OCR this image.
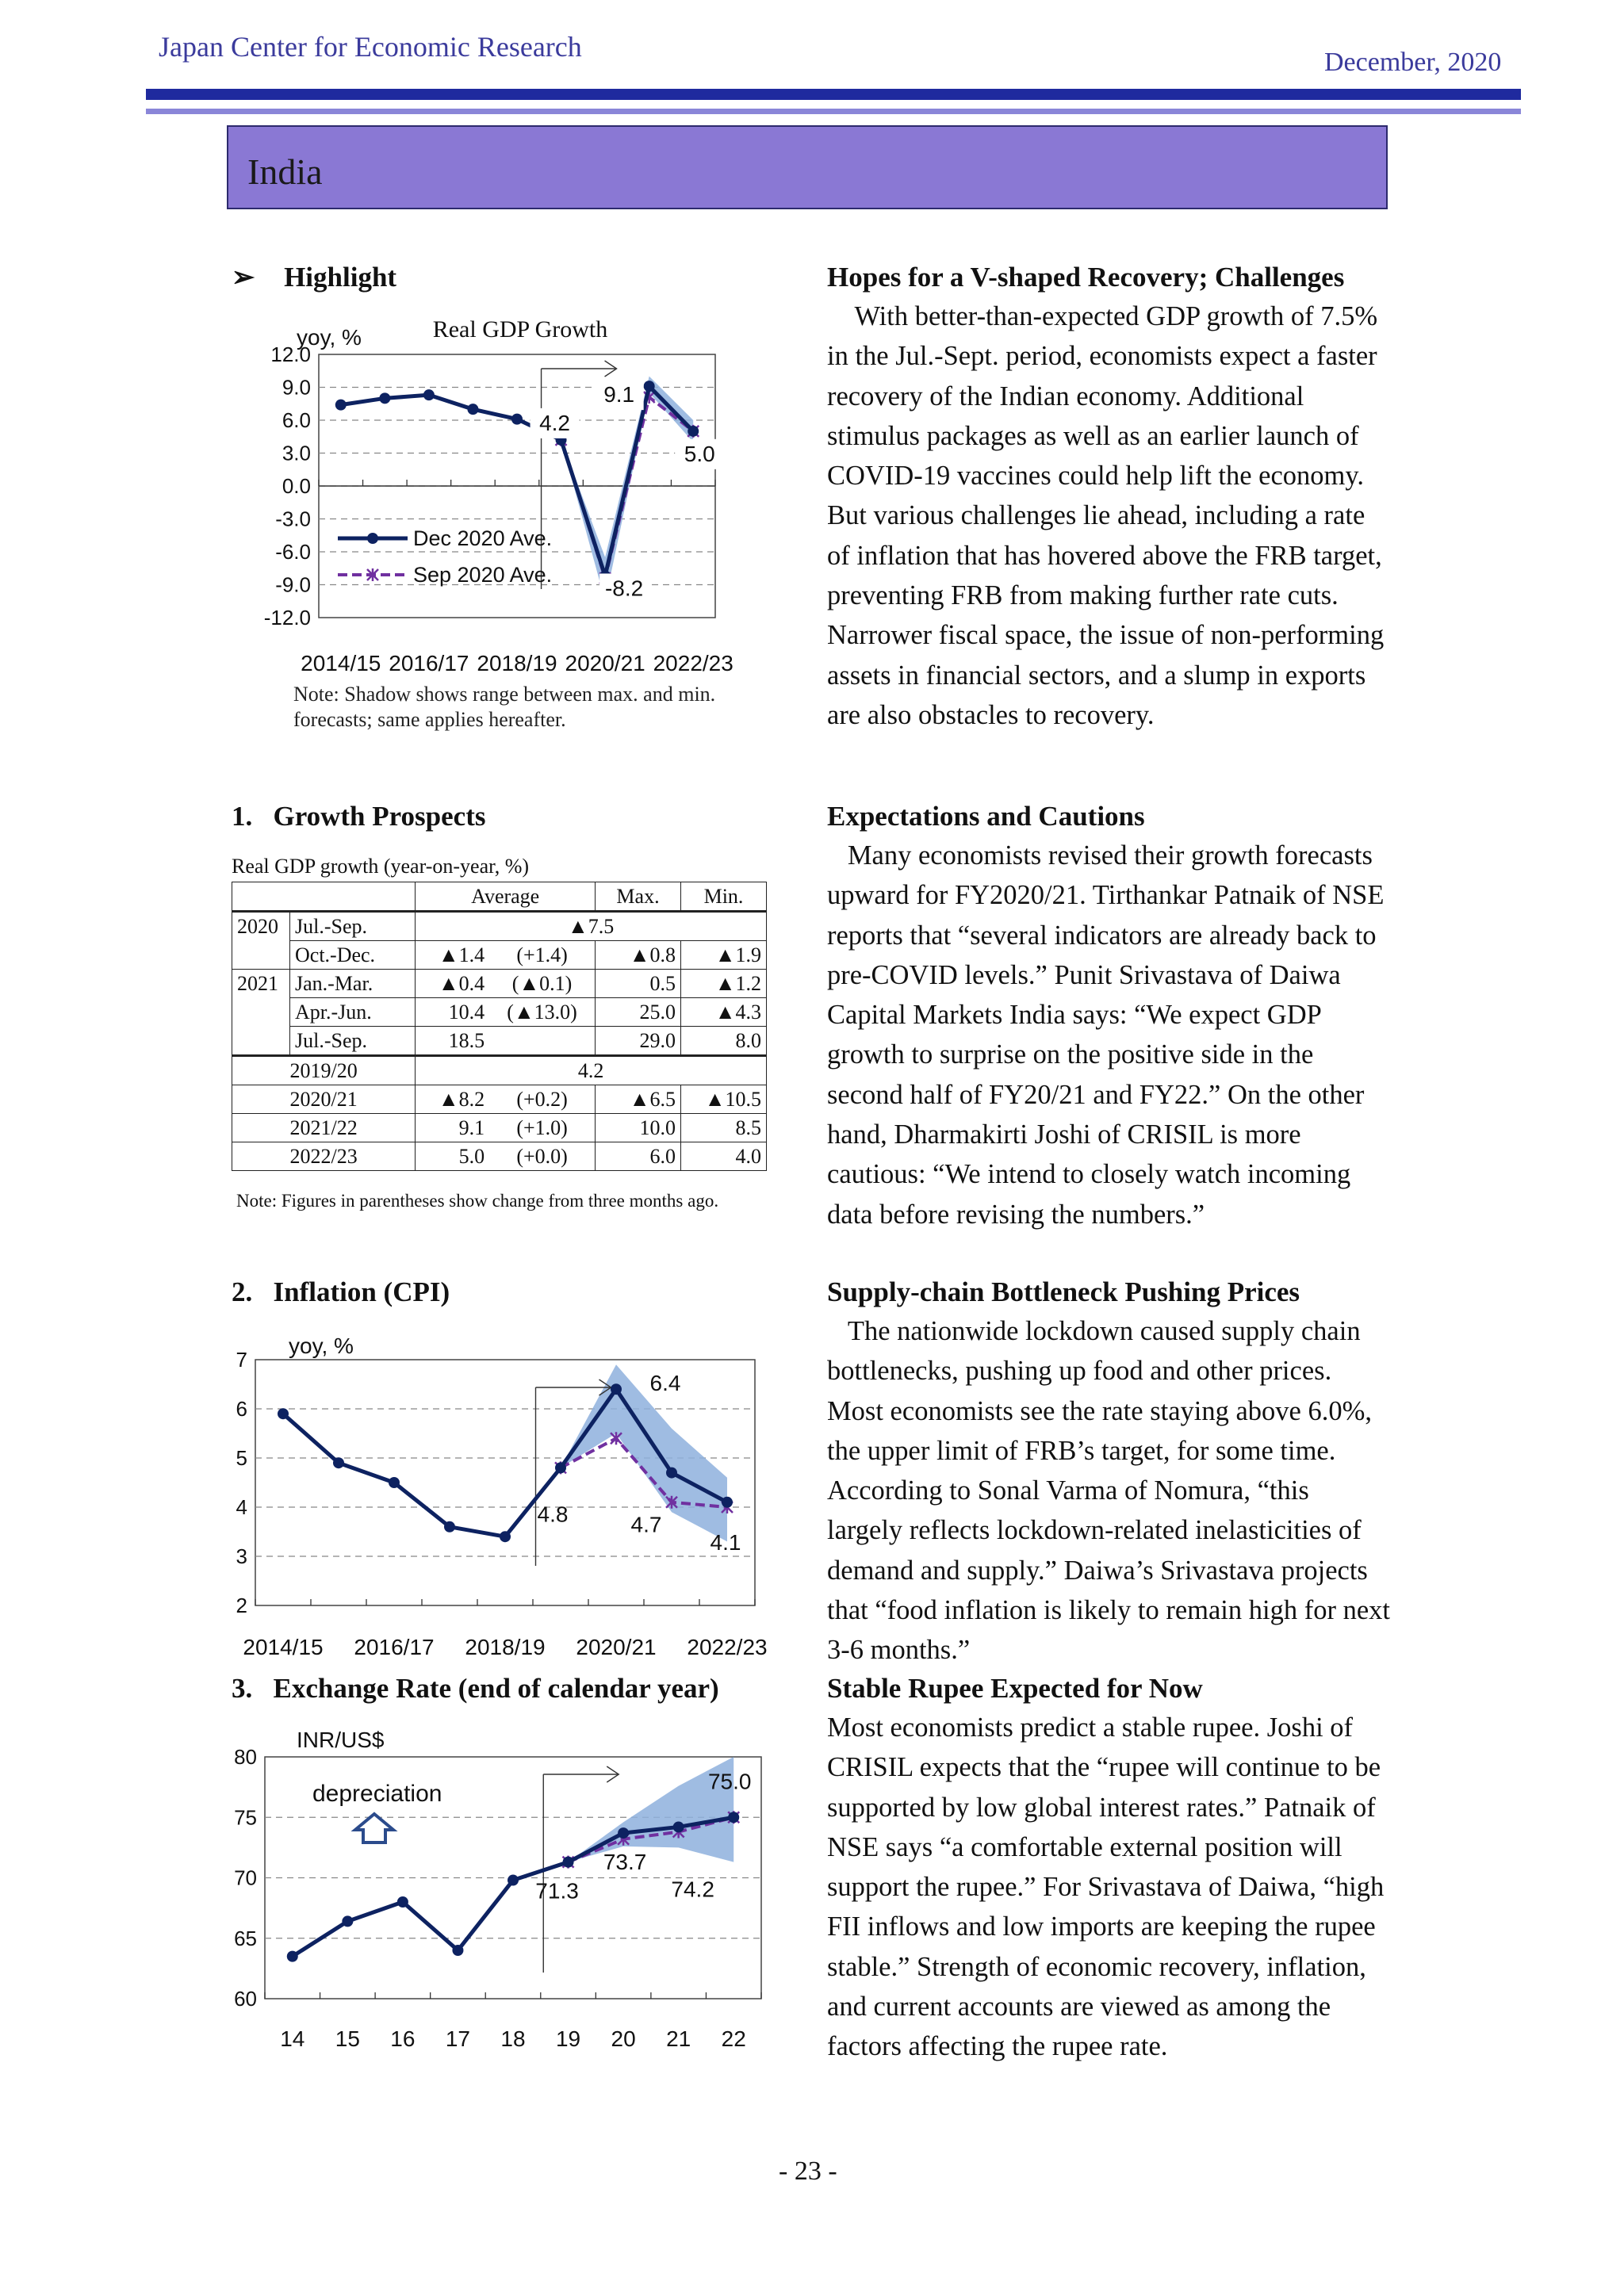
Japan Center for Economic Research	December, 2020
India
➢ Highlight
12.0
9.0
6.0
3.0
0.0
-3.0
-6.0
-9.0
-12.0
2014/15 2016/17 2018/19 2020/21 2022/23
yoy, %
4.2
9.1
5.0
-8.2
Real GDP Growth
Dec 2020 Ave.
Sep 2020 Ave.
Note: Shadow shows range between max. and min. forecasts; same applies hereafter.
1.   Growth Prospects
Real GDP growth (year-on-year, %)
		Average		Max.	Min.
2020	Jul.-Sep.	▲7.5			
	Oct.-Dec.	▲1.4	(+1.4)	▲0.8	▲1.9
2021	Jan.-Mar.	▲0.4	(▲0.1)	0.5	▲1.2
	Apr.-Jun.	10.4	(▲13.0)	25.0	▲4.3
	Jul.-Sep.	18.5		29.0	8.0
2019/20		4.2			
2020/21		▲8.2	(+0.2)	▲6.5	▲10.5
2021/22		9.1	(+1.0)	10.0	8.5
2022/23		5.0	(+0.0)	6.0	4.0
Note: Figures in parentheses show change from three months ago.
2.   Inflation (CPI)
7
6
5
4
3
2
2014/15 2016/17 2018/19 2020/21 2022/23
yoy, %
6.4
4.8	4.7
4.1
3.   Exchange Rate (end of calendar year)
80
75
70
65
60
14 15 16 17 18 19 20 21 22
INR/US$
75.0
73.7
71.3	74.2
depreciation
Hopes for a V-shaped Recovery; Challenges
With better-than-expected GDP growth of 7.5% in the Jul.-Sept. period, economists expect a faster recovery of the Indian economy. Additional stimulus packages as well as an earlier launch of COVID-19 vaccines could help lift the economy. But various challenges lie ahead, including a rate of inflation that has hovered above the FRB target, preventing FRB from making further rate cuts. Narrower fiscal space, the issue of non-performing assets in financial sectors, and a slump in exports are also obstacles to recovery.
Expectations and Cautions
Many economists revised their growth forecasts upward for FY2020/21. Tirthankar Patnaik of NSE reports that “several indicators are already back to pre-COVID levels.” Punit Srivastava of Daiwa Capital Markets India says: “We expect GDP growth to surprise on the positive side in the second half of FY20/21 and FY22.” On the other hand, Dharmakirti Joshi of CRISIL is more cautious: “We intend to closely watch incoming data before revising the numbers.”
Supply-chain Bottleneck Pushing Prices
The nationwide lockdown caused supply chain bottlenecks, pushing up food and other prices. Most economists see the rate staying above 6.0%, the upper limit of FRB’s target, for some time. According to Sonal Varma of Nomura, “this largely reflects lockdown-related inelasticities of demand and supply.” Daiwa’s Srivastava projects that “food inflation is likely to remain high for next 3-6 months.”
Stable Rupee Expected for Now
Most economists predict a stable rupee. Joshi of CRISIL expects that the “rupee will continue to be supported by low global interest rates.” Patnaik of NSE says “a comfortable external position will support the rupee.” For Srivastava of Daiwa, “high FII inflows and low imports are keeping the rupee stable.” Strength of economic recovery, inflation, and current accounts are viewed as among the factors affecting the rupee rate.
- 23 -
